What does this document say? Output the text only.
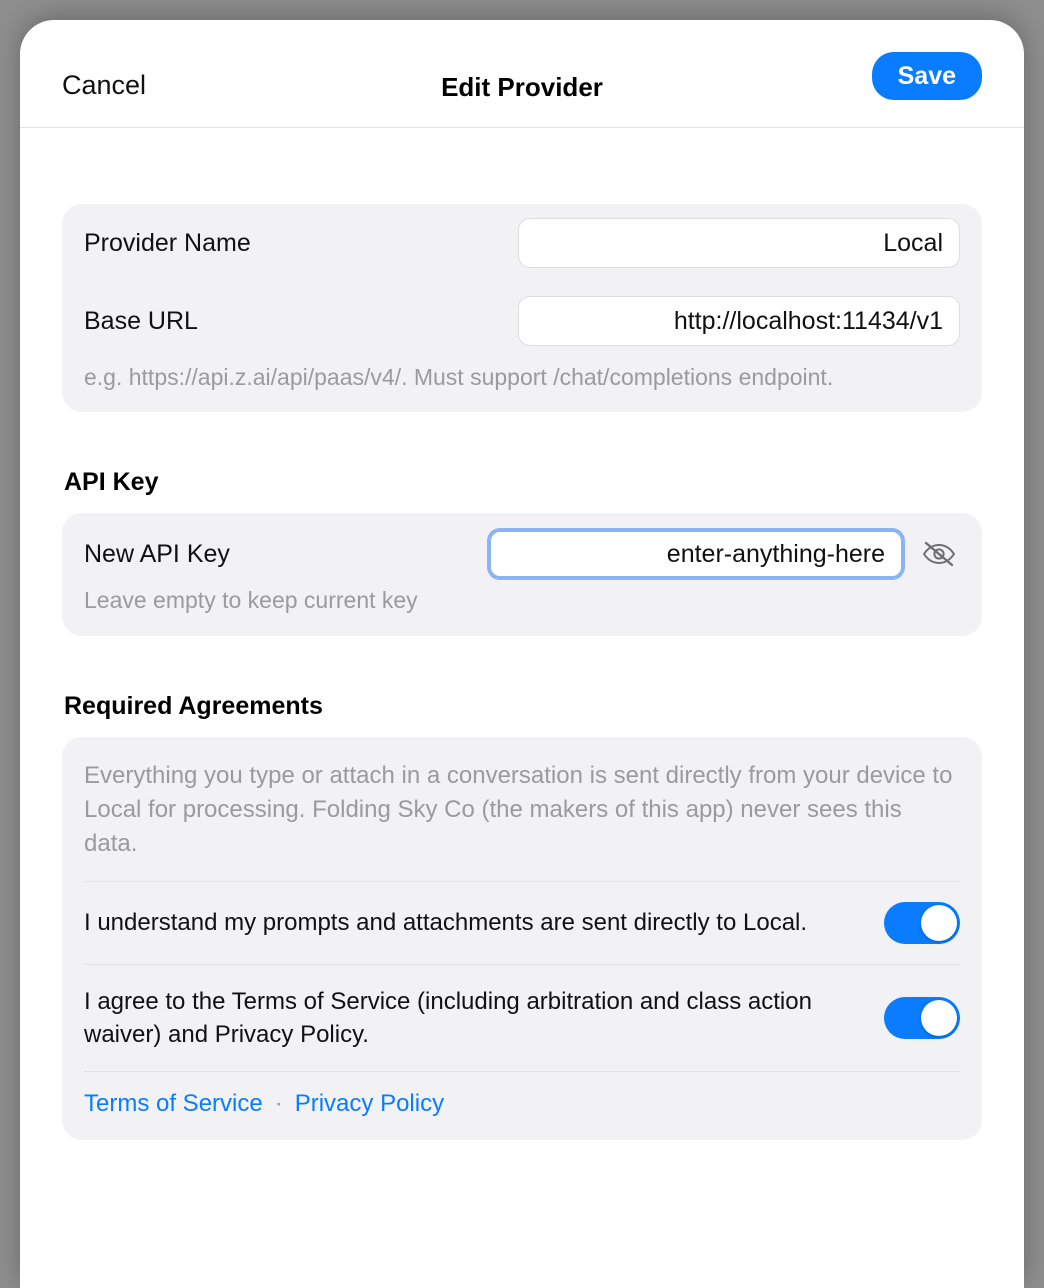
Cancel	Edit Provider	Save
Provider Name	Local
Base URL	http://localhost:11434/v1
e.g. https://api.z.ai/api/paas/v4/. Must support /chat/completions endpoint.
API Key
New API Key	enter-anything-here
Leave empty to keep current key
Required Agreements
Everything you type or attach in a conversation is sent directly from your device to Local for processing. Folding Sky Co (the makers of this app) never sees this data.
I understand my prompts and attachments are sent directly to Local.
I agree to the Terms of Service (including arbitration and class action waiver) and Privacy Policy.
Terms of Service · Privacy Policy
